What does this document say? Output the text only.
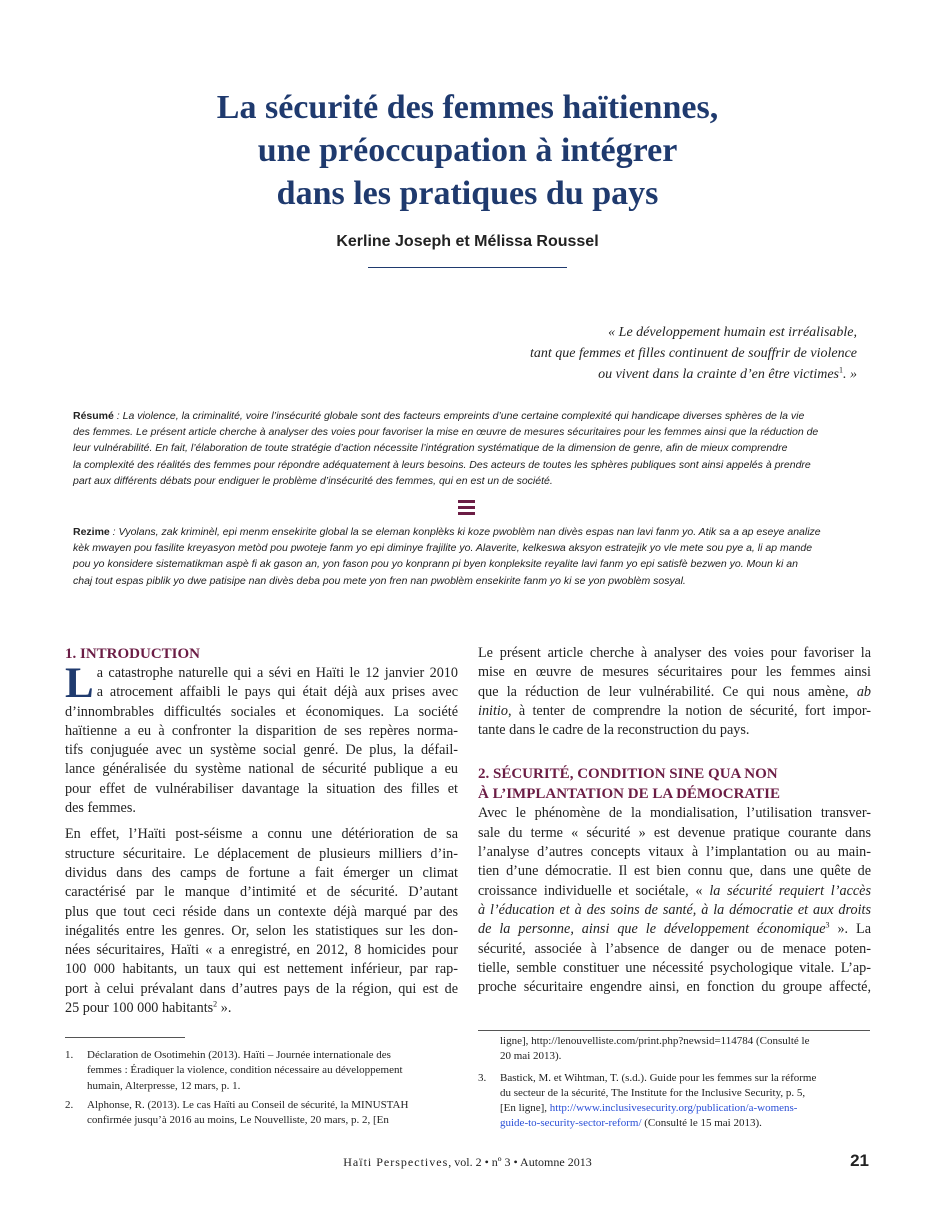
La sécurité des femmes haïtiennes,
une préoccupation à intégrer
dans les pratiques du pays
Kerline Joseph et Mélissa Roussel
« Le développement humain est irréalisable,
tant que femmes et filles continuent de souffrir de violence
ou vivent dans la crainte d’en être victimes$^1$. »
Résumé : La violence, la criminalité, voire l’insécurité globale sont des facteurs empreints d’une certaine complexité qui handicape diverses sphères de la vie
des femmes. Le présent article cherche à analyser des voies pour favoriser la mise en œuvre de mesures sécuritaires pour les femmes ainsi que la réduction de
leur vulnérabilité. En fait, l’élaboration de toute stratégie d’action nécessite l’intégration systématique de la dimension de genre, afin de mieux comprendre
la complexité des réalités des femmes pour répondre adéquatement à leurs besoins. Des acteurs de toutes les sphères publiques sont ainsi appelés à prendre
part aux différents débats pour endiguer le problème d’insécurité des femmes, qui en est un de société.
Rezime : Vyolans, zak kriminèl, epi menm ensekirite global la se eleman konplèks ki koze pwoblèm nan divès espas nan lavi fanm yo. Atik sa a ap eseye analize
kèk mwayen pou fasilite kreyasyon metòd pou pwoteje fanm yo epi diminye frajilite yo. Alaverite, kelkeswa aksyon estratejik yo vle mete sou pye a, li ap mande
pou yo konsidere sistematikman aspè fi ak gason an, yon fason pou yo konprann pi byen konpleksite reyalite lavi fanm yo epi satisfè bezwen yo. Moun ki an
chaj tout espas piblik yo dwe patisipe nan divès deba pou mete yon fren nan pwoblèm ensekirite fanm yo ki se yon pwoblèm sosyal.
1. INTRODUCTION
L a catastrophe naturelle qui a sévi en Haïti le 12 janvier 2010
a atrocement affaibli le pays qui était déjà aux prises avec
d’innombrables difficultés sociales et économiques. La société
haïtienne a eu à confronter la disparition de ses repères norma-
tifs conjuguée avec un système social genré. De plus, la défail-
lance généralisée du système national de sécurité publique a eu
pour effet de vulnérabiliser davantage la situation des filles et
des femmes.
En effet, l’Haïti post-séisme a connu une détérioration de sa
structure sécuritaire. Le déplacement de plusieurs milliers d’in-
dividus dans des camps de fortune a fait émerger un climat
caractérisé par le manque d’intimité et de sécurité. D’autant
plus que tout ceci réside dans un contexte déjà marqué par des
inégalités entre les genres. Or, selon les statistiques sur les don-
nées sécuritaires, Haïti « a enregistré, en 2012, 8 homicides pour
100 000 habitants, un taux qui est nettement inférieur, par rap-
port à celui prévalant dans d’autres pays de la région, qui est de
25 pour 100 000 habitants$^2$ ».
Le présent article cherche à analyser des voies pour favoriser la
mise en œuvre de mesures sécuritaires pour les femmes ainsi
que la réduction de leur vulnérabilité. Ce qui nous amène, ab
initio, à tenter de comprendre la notion de sécurité, fort impor-
tante dans le cadre de la reconstruction du pays.
2. SÉCURITÉ, CONDITION SINE QUA NON
À L’IMPLANTATION DE LA DÉMOCRATIE
Avec le phénomène de la mondialisation, l’utilisation transver-
sale du terme « sécurité » est devenue pratique courante dans
l’analyse d’autres concepts vitaux à l’implantation ou au main-
tien d’une démocratie. Il est bien connu que, dans une quête de
croissance individuelle et sociétale, « la sécurité requiert l’accès
à l’éducation et à des soins de santé, à la démocratie et aux droits
de la personne, ainsi que le développement économique$^3$ ». La
sécurité, associée à l’absence de danger ou de menace poten-
tielle, semble constituer une nécessité psychologique vitale. L’ap-
proche sécuritaire engendre ainsi, en fonction du groupe affecté,
1. Déclaration de Osotimehin (2013). Haïti – Journée internationale des
femmes : Éradiquer la violence, condition nécessaire au développement
humain, Alterpresse, 12 mars, p. 1.
2. Alphonse, R. (2013). Le cas Haïti au Conseil de sécurité, la MINUSTAH
confirmée jusqu’à 2016 au moins, Le Nouvelliste, 20 mars, p. 2, [En
ligne], http://lenouvelliste.com/print.php?newsid=114784 (Consulté le
20 mai 2013).
3. Bastick, M. et Wihtman, T. (s.d.). Guide pour les femmes sur la réforme
du secteur de la sécurité, The Institute for the Inclusive Security, p. 5,
[En ligne], http://www.inclusivesecurity.org/publication/a-womens-
guide-to-security-sector-reform/ (Consulté le 15 mai 2013).
Haïti Perspectives, vol. 2 • nº 3 • Automne 2013	21
